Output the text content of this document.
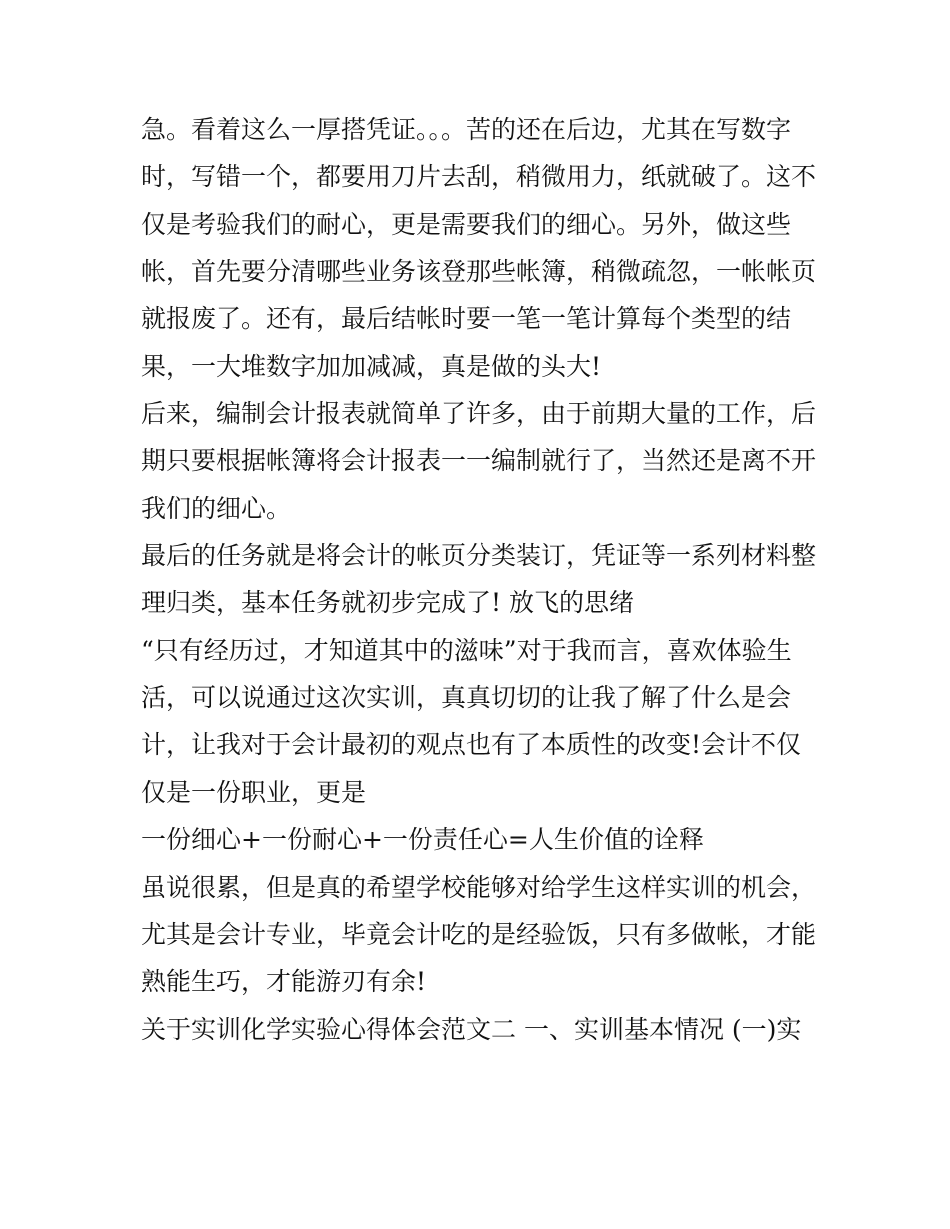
急。看着这么一厚搭凭证。。。苦的还在后边，尤其在写数字
时，写错一个，都要用刀片去刮，稍微用力，纸就破了。这不
仅是考验我们的耐心，更是需要我们的细心。另外，做这些
帐，首先要分清哪些业务该登那些帐簿，稍微疏忽，一帐帐页
就报废了。还有，最后结帐时要一笔一笔计算每个类型的结
果，一大堆数字加加减减，真是做的头大!
后来，编制会计报表就简单了许多，由于前期大量的工作，后
期只要根据帐簿将会计报表一一编制就行了，当然还是离不开
我们的细心。
最后的任务就是将会计的帐页分类装订，凭证等一系列材料整
理归类，基本任务就初步完成了! 放飞的思绪
“只有经历过，才知道其中的滋味”对于我而言，喜欢体验生
活，可以说通过这次实训，真真切切的让我了解了什么是会
计，让我对于会计最初的观点也有了本质性的改变!会计不仅
仅是一份职业，更是
一份细心+一份耐心+一份责任心=人生价值的诠释
虽说很累，但是真的希望学校能够对给学生这样实训的机会，
尤其是会计专业，毕竟会计吃的是经验饭，只有多做帐，才能
熟能生巧，才能游刃有余!
关于实训化学实验心得体会范文二 一、实训基本情况 (一)实
